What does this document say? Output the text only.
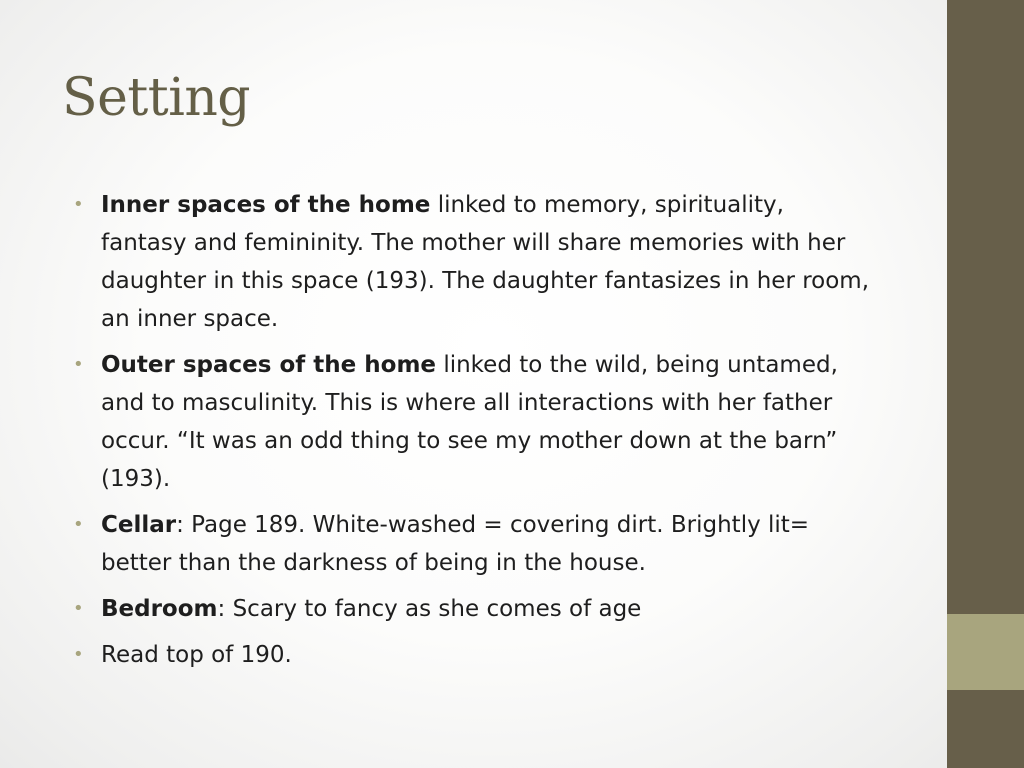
Setting
• Inner spaces of the home linked to memory, spirituality, fantasy and femininity. The mother will share memories with her daughter in this space (193). The daughter fantasizes in her room, an inner space.
• Outer spaces of the home linked to the wild, being untamed, and to masculinity. This is where all interactions with her father occur. “It was an odd thing to see my mother down at the barn” (193).
• Cellar: Page 189. White-washed = covering dirt. Brightly lit= better than the darkness of being in the house.
• Bedroom: Scary to fancy as she comes of age
• Read top of 190.
